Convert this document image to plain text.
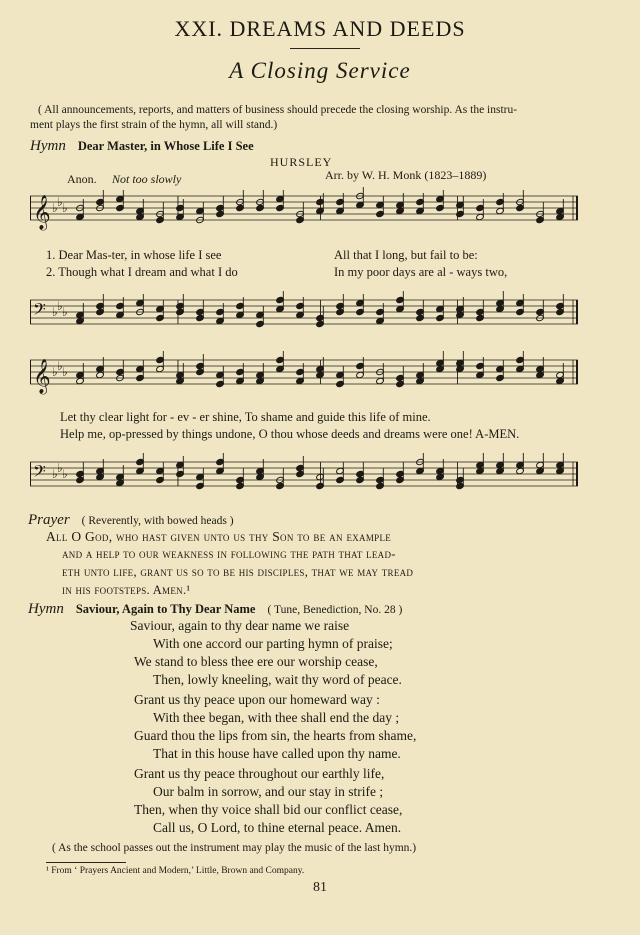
XXI. DREAMS AND DEEDS
A Closing Service
( All announcements, reports, and matters of business should precede the closing worship. As the instru-
ment plays the first strain of the hymn, all will stand.)
Hymn Dear Master, in Whose Life I See
HURSLEY
Anon. Not too slowly	Arr. by W. H. Monk (1823–1889)
𝄞 ♭ ♭ ♭
1. Dear Mas-ter, in whose life I see	All that I long, but fail to be:
2. Though what I dream and what I do	In my poor days are al - ways two,
𝄢 ♭ ♭ ♭
𝄞 ♭ ♭ ♭
Let thy clear light for - ev - er shine, To shame and guide this life of mine.
Help me, op-pressed by things undone, O thou whose deeds and dreams were one! A-MEN.
𝄢 ♭ ♭ ♭
Prayer ( Reverently, with bowed heads )
All O God, who hast given unto us thy Son to be an example
and a help to our weakness in following the path that lead-
eth unto life, grant us so to be his disciples, that we may tread
in his footsteps. Amen.¹
Hymn Saviour, Again to Thy Dear Name ( Tune, Benediction, No. 28 )
Saviour, again to thy dear name we raise
With one accord our parting hymn of praise;
We stand to bless thee ere our worship cease,
Then, lowly kneeling, wait thy word of peace.
Grant us thy peace upon our homeward way :
With thee began, with thee shall end the day ;
Guard thou the lips from sin, the hearts from shame,
That in this house have called upon thy name.
Grant us thy peace throughout our earthly life,
Our balm in sorrow, and our stay in strife ;
Then, when thy voice shall bid our conflict cease,
Call us, O Lord, to thine eternal peace. Amen.
( As the school passes out the instrument may play the music of the last hymn.)
¹ From ‘ Prayers Ancient and Modern,’ Little, Brown and Company.
81
